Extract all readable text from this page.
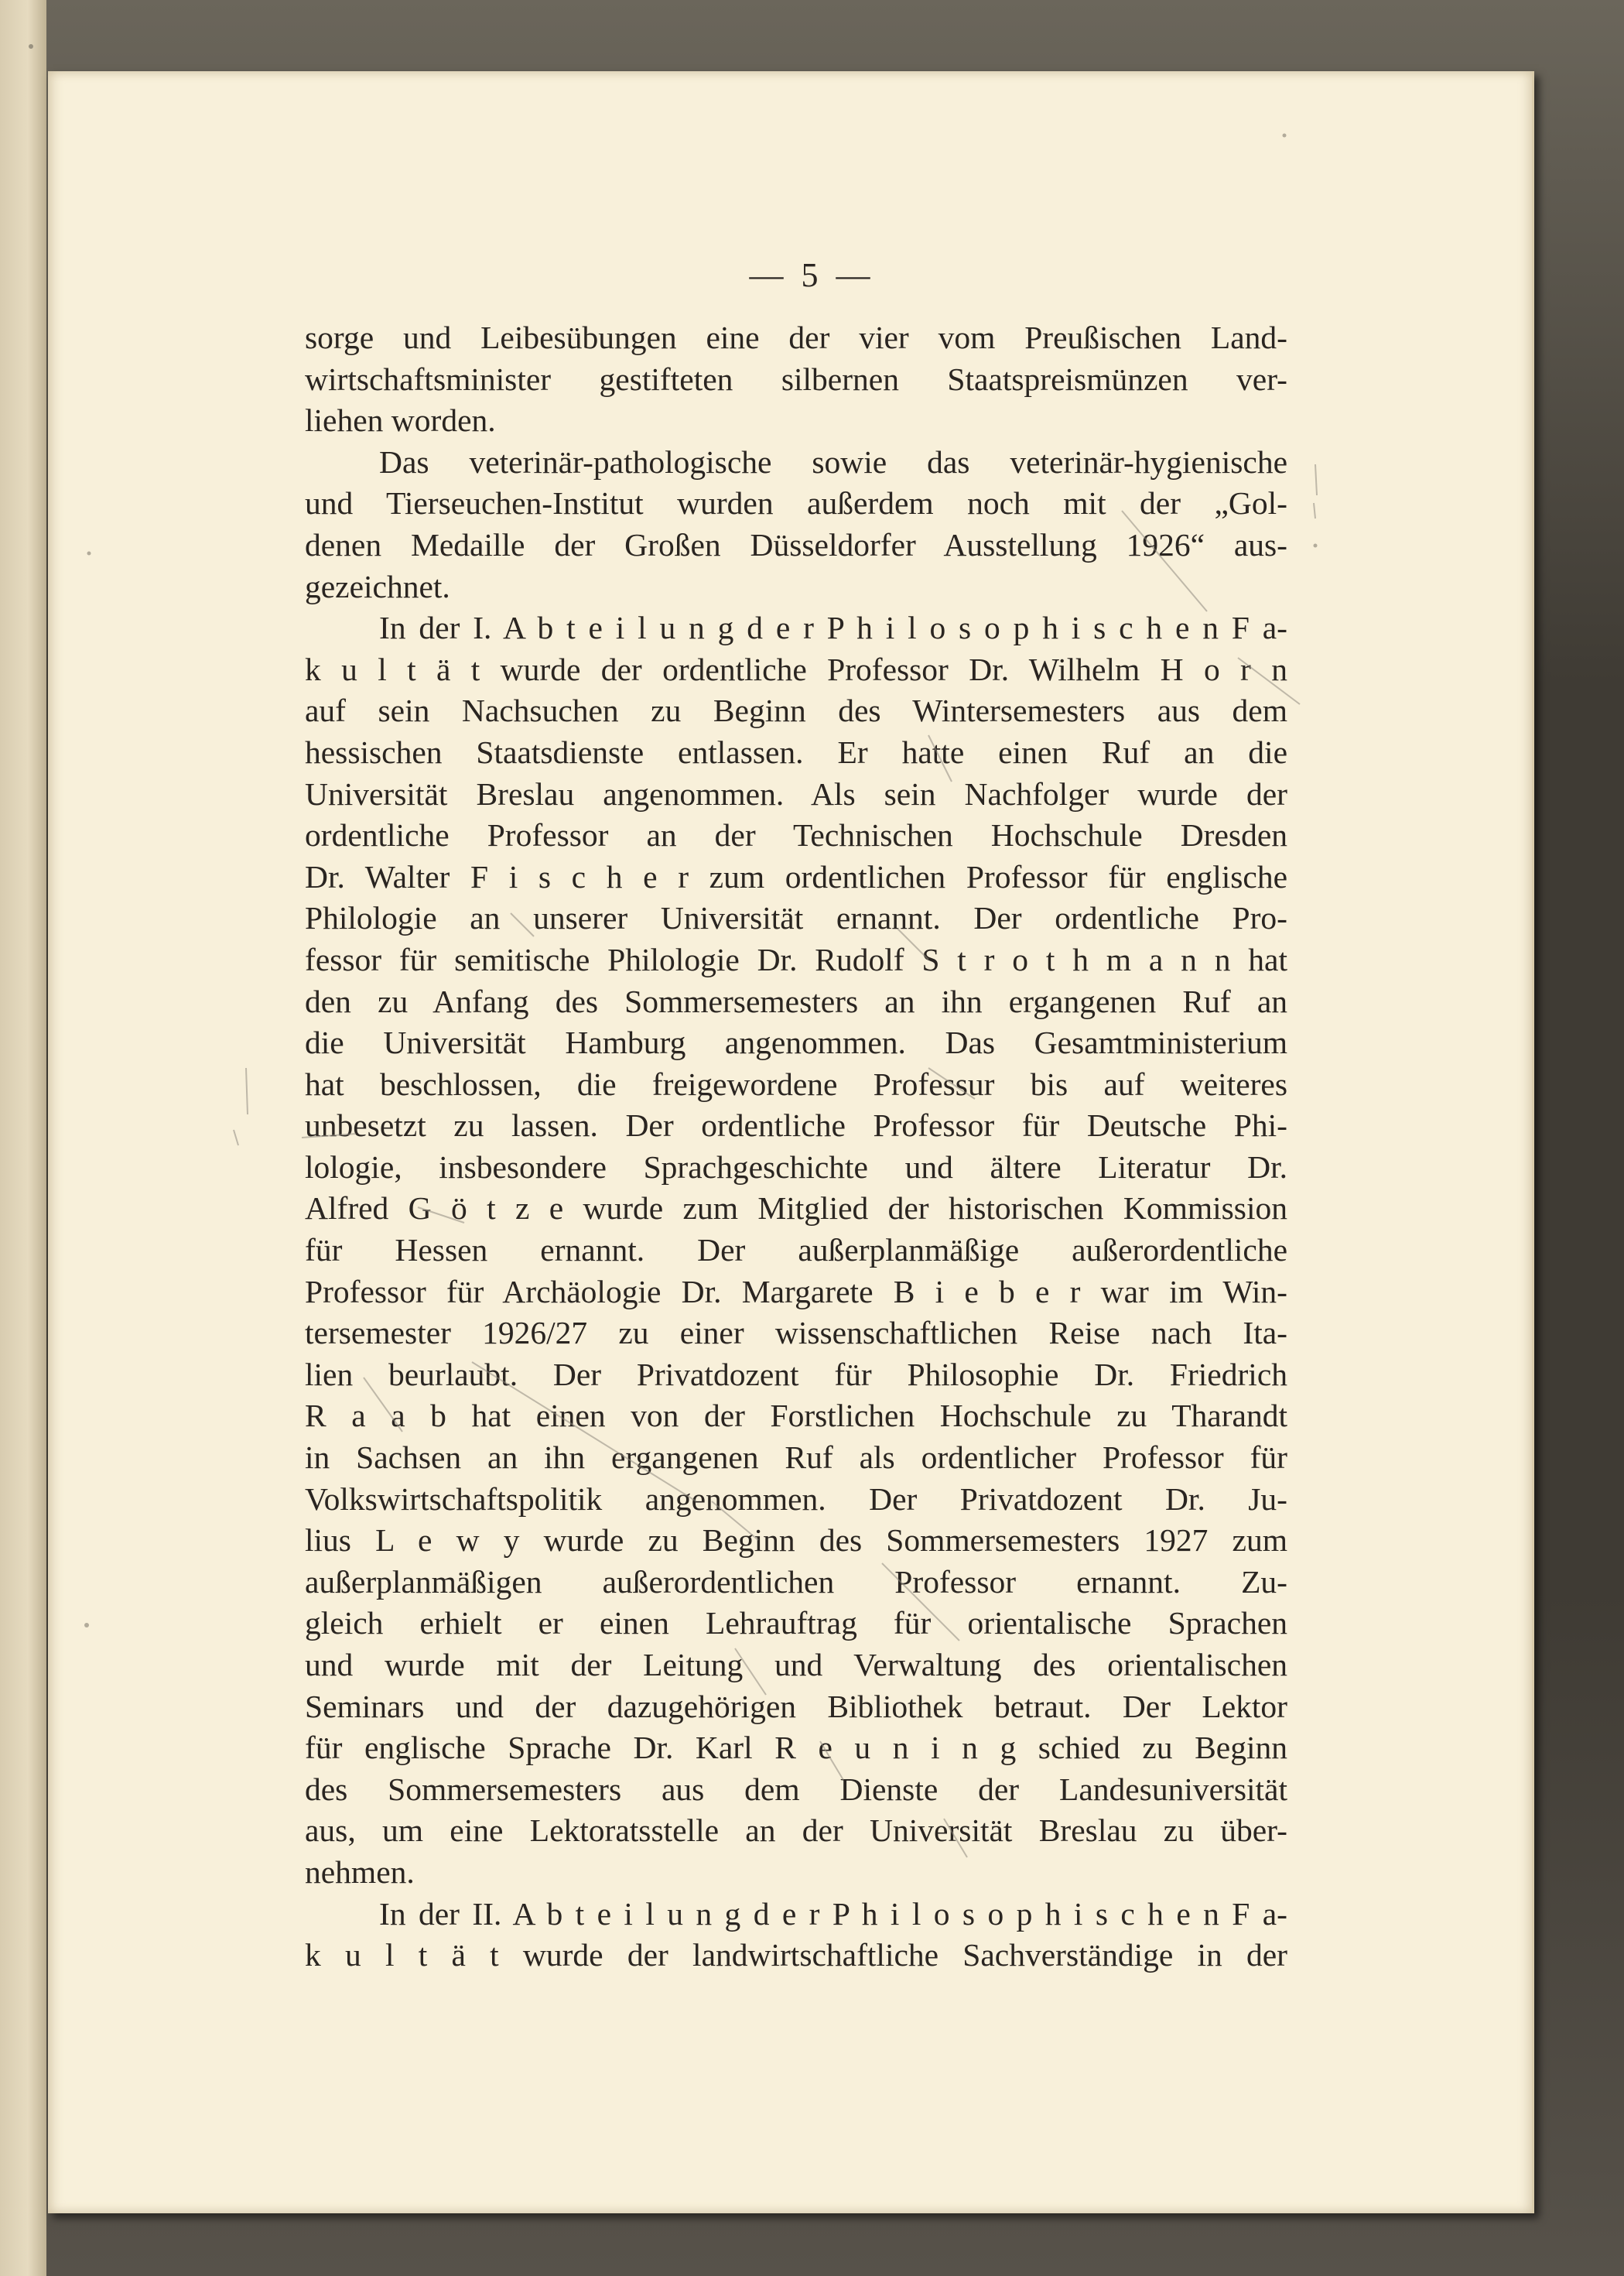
— 5 —
sorge und Leibesübungen eine der vier vom Preußischen Land-
wirtschaftsminister gestifteten silbernen Staatspreismünzen ver-
liehen worden.
Das veterinär-pathologische sowie das veterinär-hygienische
und Tierseuchen-Institut wurden außerdem noch mit der „Gol-
denen Medaille der Großen Düsseldorfer Ausstellung 1926“ aus-
gezeichnet.
In der I. A b t e i l u n g d e r P h i l o s o p h i s c h e n F a-
k u l t ä t wurde der ordentliche Professor Dr. Wilhelm H o r n
auf sein Nachsuchen zu Beginn des Wintersemesters aus dem
hessischen Staatsdienste entlassen. Er hatte einen Ruf an die
Universität Breslau angenommen. Als sein Nachfolger wurde der
ordentliche Professor an der Technischen Hochschule Dresden
Dr. Walter F i s c h e r zum ordentlichen Professor für englische
Philologie an unserer Universität ernannt. Der ordentliche Pro-
fessor für semitische Philologie Dr. Rudolf S t r o t h m a n n hat
den zu Anfang des Sommersemesters an ihn ergangenen Ruf an
die Universität Hamburg angenommen. Das Gesamtministerium
hat beschlossen, die freigewordene Professur bis auf weiteres
unbesetzt zu lassen. Der ordentliche Professor für Deutsche Phi-
lologie, insbesondere Sprachgeschichte und ältere Literatur Dr.
Alfred G ö t z e wurde zum Mitglied der historischen Kommission
für Hessen ernannt. Der außerplanmäßige außerordentliche
Professor für Archäologie Dr. Margarete B i e b e r war im Win-
tersemester 1926/27 zu einer wissenschaftlichen Reise nach Ita-
lien beurlaubt. Der Privatdozent für Philosophie Dr. Friedrich
R a a b hat einen von der Forstlichen Hochschule zu Tharandt
in Sachsen an ihn ergangenen Ruf als ordentlicher Professor für
Volkswirtschaftspolitik angenommen. Der Privatdozent Dr. Ju-
lius L e w y wurde zu Beginn des Sommersemesters 1927 zum
außerplanmäßigen außerordentlichen Professor ernannt. Zu-
gleich erhielt er einen Lehrauftrag für orientalische Sprachen
und wurde mit der Leitung und Verwaltung des orientalischen
Seminars und der dazugehörigen Bibliothek betraut. Der Lektor
für englische Sprache Dr. Karl R e u n i n g schied zu Beginn
des Sommersemesters aus dem Dienste der Landesuniversität
aus, um eine Lektoratsstelle an der Universität Breslau zu über-
nehmen.
In der II. A b t e i l u n g d e r P h i l o s o p h i s c h e n F a-
k u l t ä t wurde der landwirtschaftliche Sachverständige in der
